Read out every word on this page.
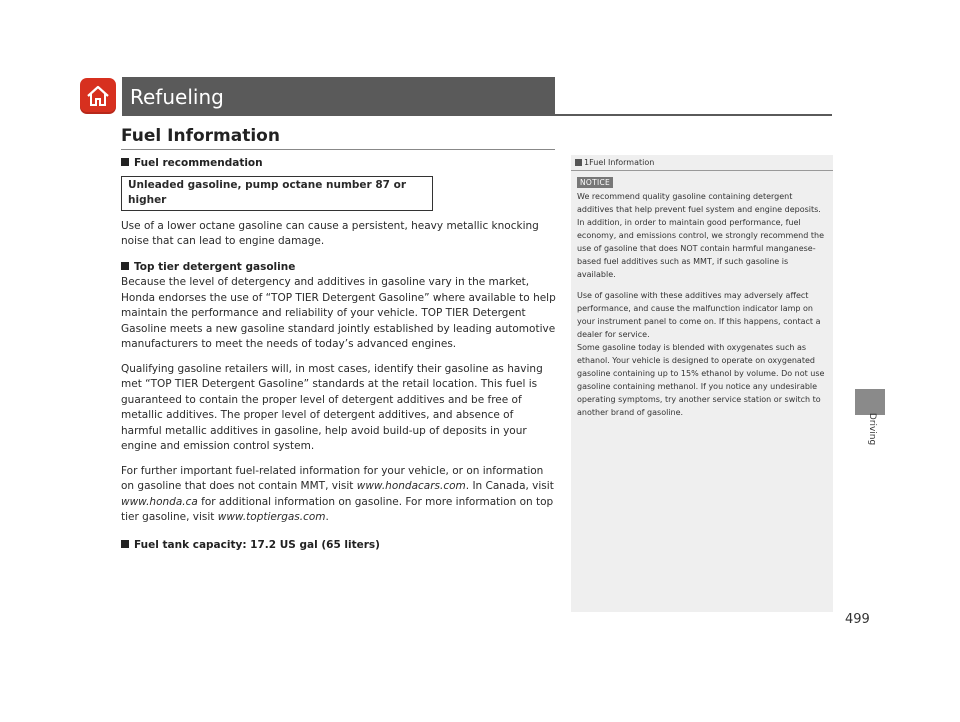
Refueling
Fuel Information
Fuel recommendation
Unleaded gasoline, pump octane number 87 or higher
Use of a lower octane gasoline can cause a persistent, heavy metallic knocking noise that can lead to engine damage.
Top tier detergent gasoline
Because the level of detergency and additives in gasoline vary in the market, Honda endorses the use of “TOP TIER Detergent Gasoline” where available to help maintain the performance and reliability of your vehicle. TOP TIER Detergent Gasoline meets a new gasoline standard jointly established by leading automotive manufacturers to meet the needs of today’s advanced engines.
Qualifying gasoline retailers will, in most cases, identify their gasoline as having met “TOP TIER Detergent Gasoline” standards at the retail location. This fuel is guaranteed to contain the proper level of detergent additives and be free of metallic additives. The proper level of detergent additives, and absence of harmful metallic additives in gasoline, help avoid build-up of deposits in your engine and emission control system.
For further important fuel-related information for your vehicle, or on information on gasoline that does not contain MMT, visit www.hondacars.com. In Canada, visit www.honda.ca for additional information on gasoline. For more information on top tier gasoline, visit www.toptiergas.com.
Fuel tank capacity: 17.2 US gal (65 liters)
1Fuel Information
NOTICE

We recommend quality gasoline containing detergent additives that help prevent fuel system and engine deposits. In addition, in order to maintain good performance, fuel economy, and emissions control, we strongly recommend the use of gasoline that does NOT contain harmful manganese-based fuel additives such as MMT, if such gasoline is available.

Use of gasoline with these additives may adversely affect performance, and cause the malfunction indicator lamp on your instrument panel to come on. If this happens, contact a dealer for service.

Some gasoline today is blended with oxygenates such as ethanol. Your vehicle is designed to operate on oxygenated gasoline containing up to 15% ethanol by volume. Do not use gasoline containing methanol. If you notice any undesirable operating symptoms, try another service station or switch to another brand of gasoline.

Driving
499
